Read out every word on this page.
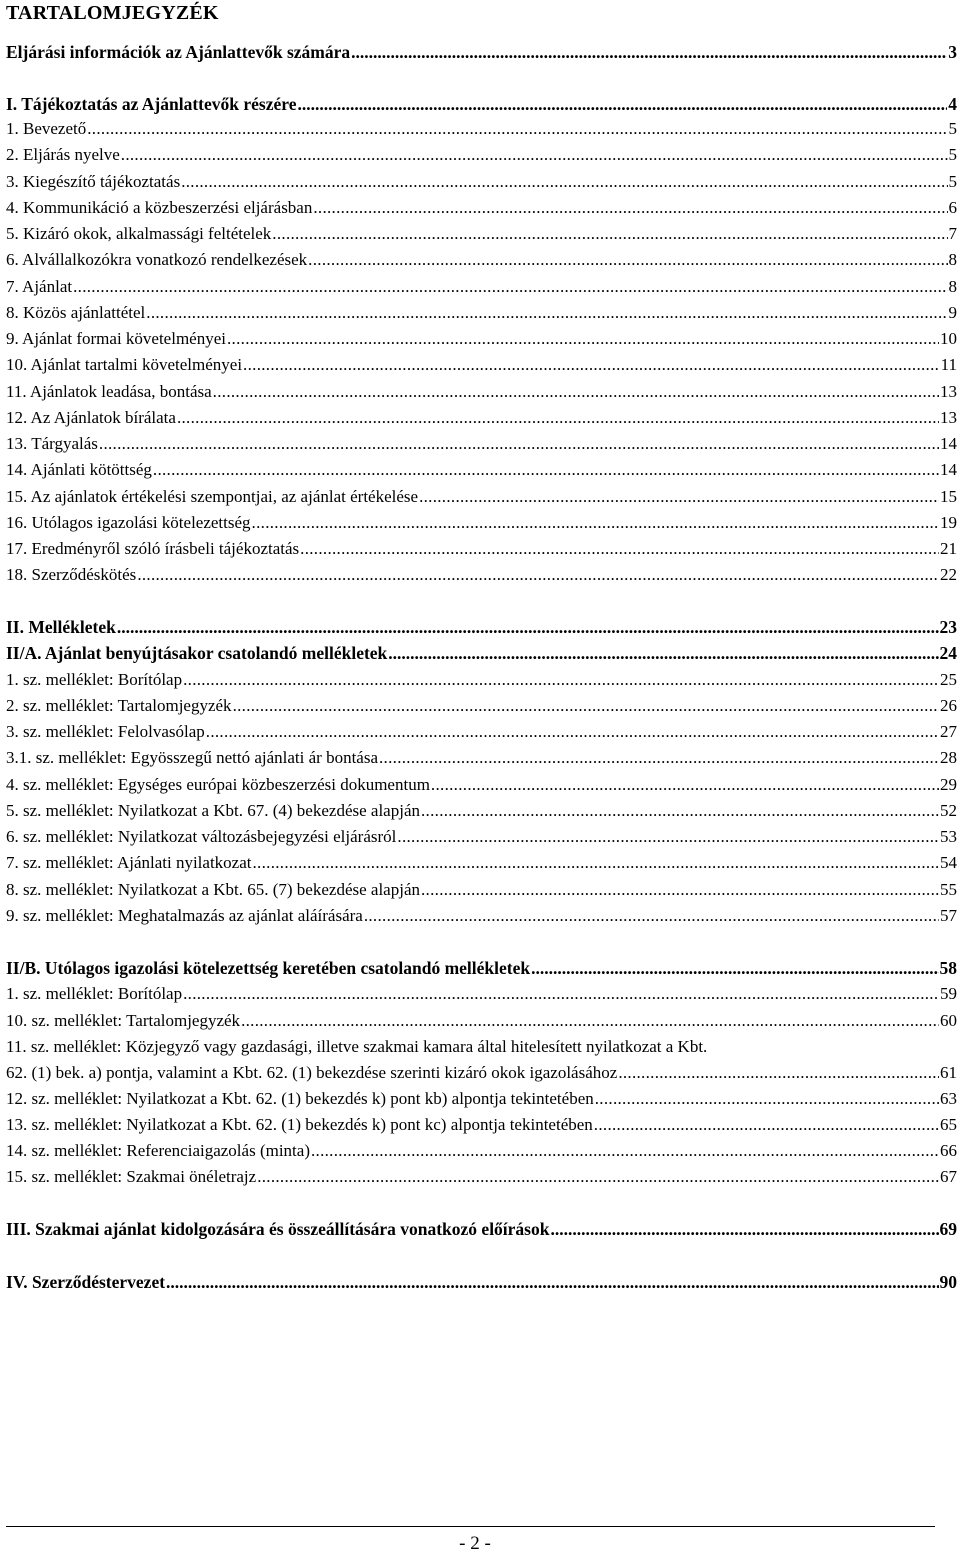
TARTALOMJEGYZÉK
Eljárási információk az Ajánlattevők számára .....	3
I. Tájékoztatás az Ajánlattevők részére .....	4
1. Bevezető .....	5
2. Eljárás nyelve .....	5
3. Kiegészítő tájékoztatás .....	5
4. Kommunikáció a közbeszerzési eljárásban .....	6
5. Kizáró okok, alkalmassági feltételek .....	7
6. Alvállalkozókra vonatkozó rendelkezések .....	8
7. Ajánlat .....	8
8. Közös ajánlattétel .....	9
9. Ajánlat formai követelményei .....	10
10. Ajánlat tartalmi követelményei .....	11
11. Ajánlatok leadása, bontása .....	13
12. Az Ajánlatok bírálata .....	13
13. Tárgyalás .....	14
14. Ajánlati kötöttség .....	14
15. Az ajánlatok értékelési szempontjai, az ajánlat értékelése .....	15
16. Utólagos igazolási kötelezettség .....	19
17. Eredményről szóló írásbeli tájékoztatás .....	21
18. Szerződéskötés .....	22
II. Mellékletek .....	23
II/A. Ajánlat benyújtásakor csatolandó mellékletek .....	24
1. sz. melléklet: Borítólap .....	25
2. sz. melléklet: Tartalomjegyzék .....	26
3. sz. melléklet: Felolvasólap .....	27
3.1. sz. melléklet: Egyösszegű nettó ajánlati ár bontása .....	28
4. sz. melléklet: Egységes európai közbeszerzési dokumentum .....	29
5. sz. melléklet: Nyilatkozat a Kbt. 67. (4) bekezdése alapján .....	52
6. sz. melléklet: Nyilatkozat változásbejegyzési eljárásról .....	53
7. sz. melléklet: Ajánlati nyilatkozat .....	54
8. sz. melléklet: Nyilatkozat a Kbt. 65. (7) bekezdése alapján .....	55
9. sz. melléklet: Meghatalmazás az ajánlat aláírására .....	57
II/B. Utólagos igazolási kötelezettség keretében csatolandó mellékletek .....	58
1. sz. melléklet: Borítólap .....	59
10. sz. melléklet: Tartalomjegyzék .....	60
11. sz. melléklet: Közjegyző vagy gazdasági, illetve szakmai kamara által hitelesített nyilatkozat a Kbt.
62. (1) bek. a) pontja, valamint a Kbt. 62. (1) bekezdése szerinti kizáró okok igazolásához .....	61
12. sz. melléklet: Nyilatkozat a Kbt. 62. (1) bekezdés k) pont kb) alpontja tekintetében .....	63
13. sz. melléklet: Nyilatkozat a Kbt. 62. (1) bekezdés k) pont kc) alpontja tekintetében .....	65
14. sz. melléklet: Referenciaigazolás (minta) .....	66
15. sz. melléklet: Szakmai önéletrajz .....	67
III. Szakmai ajánlat kidolgozására és összeállítására vonatkozó előírások .....	69
IV. Szerződéstervezet .....	90
- 2 -
